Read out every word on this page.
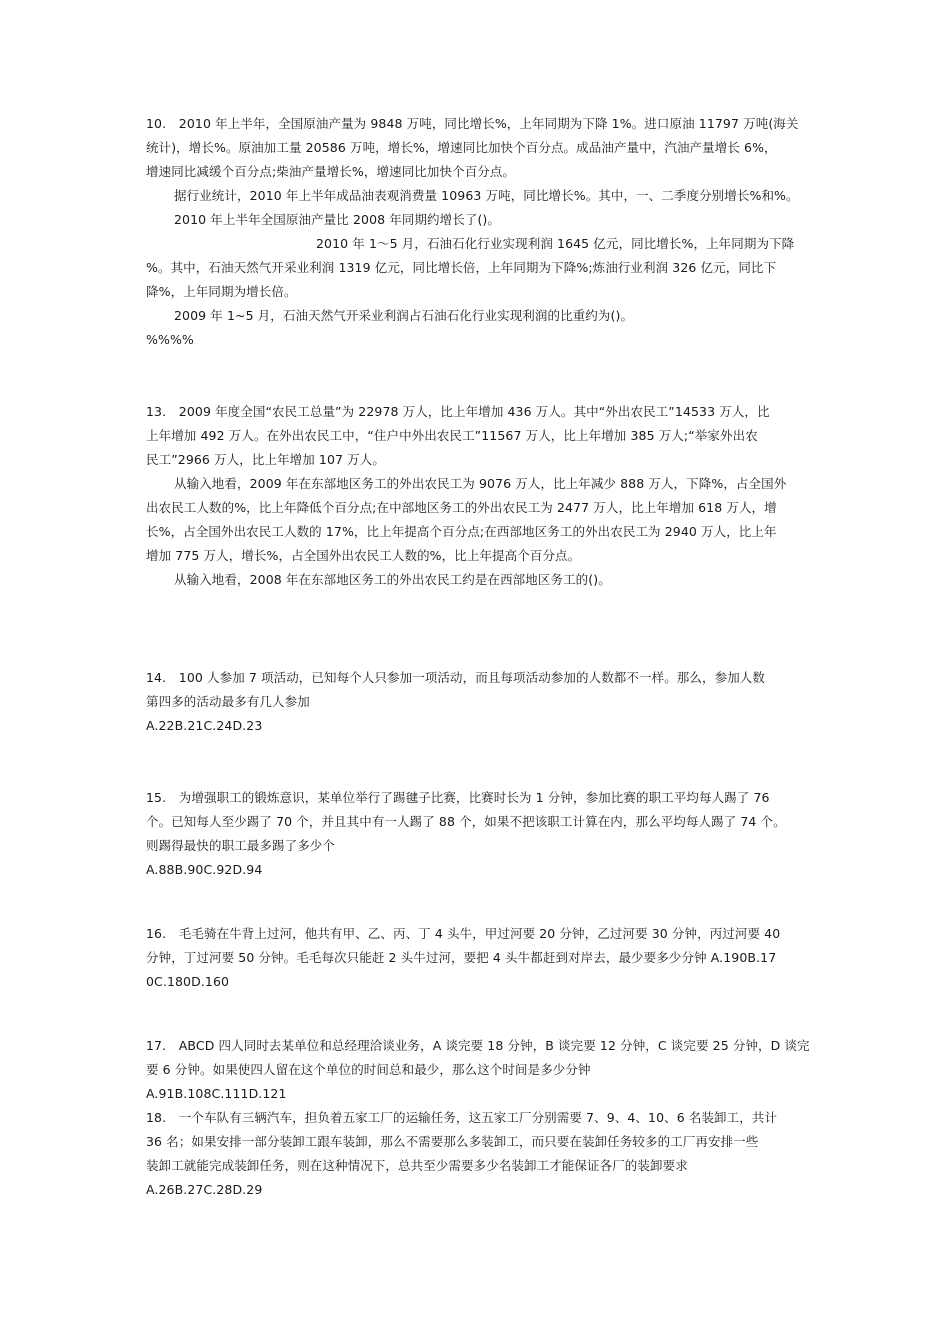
10.　2010 年上半年，全国原油产量为 9848 万吨，同比增长%，上年同期为下降 1%。进口原油 11797 万吨(海关
统计)，增长%。原油加工量 20586 万吨，增长%，增速同比加快个百分点。成品油产量中，汽油产量增长 6%，
增速同比减缓个百分点;柴油产量增长%，增速同比加快个百分点。
据行业统计，2010 年上半年成品油表观消费量 10963 万吨，同比增长%。其中，一、二季度分别增长%和%。
2010 年上半年全国原油产量比 2008 年同期约增长了()。
2010 年 1～5 月，石油石化行业实现利润 1645 亿元，同比增长%，上年同期为下降
%。其中，石油天然气开采业利润 1319 亿元，同比增长倍，上年同期为下降%;炼油行业利润 326 亿元，同比下
降%，上年同期为增长倍。
2009 年 1~5 月，石油天然气开采业利润占石油石化行业实现利润的比重约为()。
%%%%
13.　2009 年度全国“农民工总量”为 22978 万人，比上年增加 436 万人。其中“外出农民工”14533 万人，比
上年增加 492 万人。在外出农民工中，“住户中外出农民工”11567 万人，比上年增加 385 万人;“举家外出农
民工”2966 万人，比上年增加 107 万人。
从输入地看，2009 年在东部地区务工的外出农民工为 9076 万人，比上年减少 888 万人，下降%，占全国外
出农民工人数的%，比上年降低个百分点;在中部地区务工的外出农民工为 2477 万人，比上年增加 618 万人，增
长%，占全国外出农民工人数的 17%，比上年提高个百分点;在西部地区务工的外出农民工为 2940 万人，比上年
增加 775 万人，增长%，占全国外出农民工人数的%，比上年提高个百分点。
从输入地看，2008 年在东部地区务工的外出农民工约是在西部地区务工的()。
14.　100 人参加 7 项活动，已知每个人只参加一项活动，而且每项活动参加的人数都不一样。那么，参加人数
第四多的活动最多有几人参加
A.22B.21C.24D.23
15.　为增强职工的锻炼意识，某单位举行了踢毽子比赛，比赛时长为 1 分钟，参加比赛的职工平均每人踢了 76
个。已知每人至少踢了 70 个，并且其中有一人踢了 88 个，如果不把该职工计算在内，那么平均每人踢了 74 个。
则踢得最快的职工最多踢了多少个
A.88B.90C.92D.94
16.　毛毛骑在牛背上过河，他共有甲、乙、丙、丁 4 头牛，甲过河要 20 分钟，乙过河要 30 分钟，丙过河要 40
分钟，丁过河要 50 分钟。毛毛每次只能赶 2 头牛过河，要把 4 头牛都赶到对岸去，最少要多少分钟 A.190B.17
0C.180D.160
17.　ABCD 四人同时去某单位和总经理洽谈业务，A 谈完要 18 分钟，B 谈完要 12 分钟，C 谈完要 25 分钟，D 谈完
要 6 分钟。如果使四人留在这个单位的时间总和最少，那么这个时间是多少分钟
A.91B.108C.111D.121
18.　一个车队有三辆汽车，担负着五家工厂的运输任务，这五家工厂分别需要 7、9、4、10、6 名装卸工，共计
36 名；如果安排一部分装卸工跟车装卸，那么不需要那么多装卸工，而只要在装卸任务较多的工厂再安排一些
装卸工就能完成装卸任务，则在这种情况下，总共至少需要多少名装卸工才能保证各厂的装卸要求
A.26B.27C.28D.29
